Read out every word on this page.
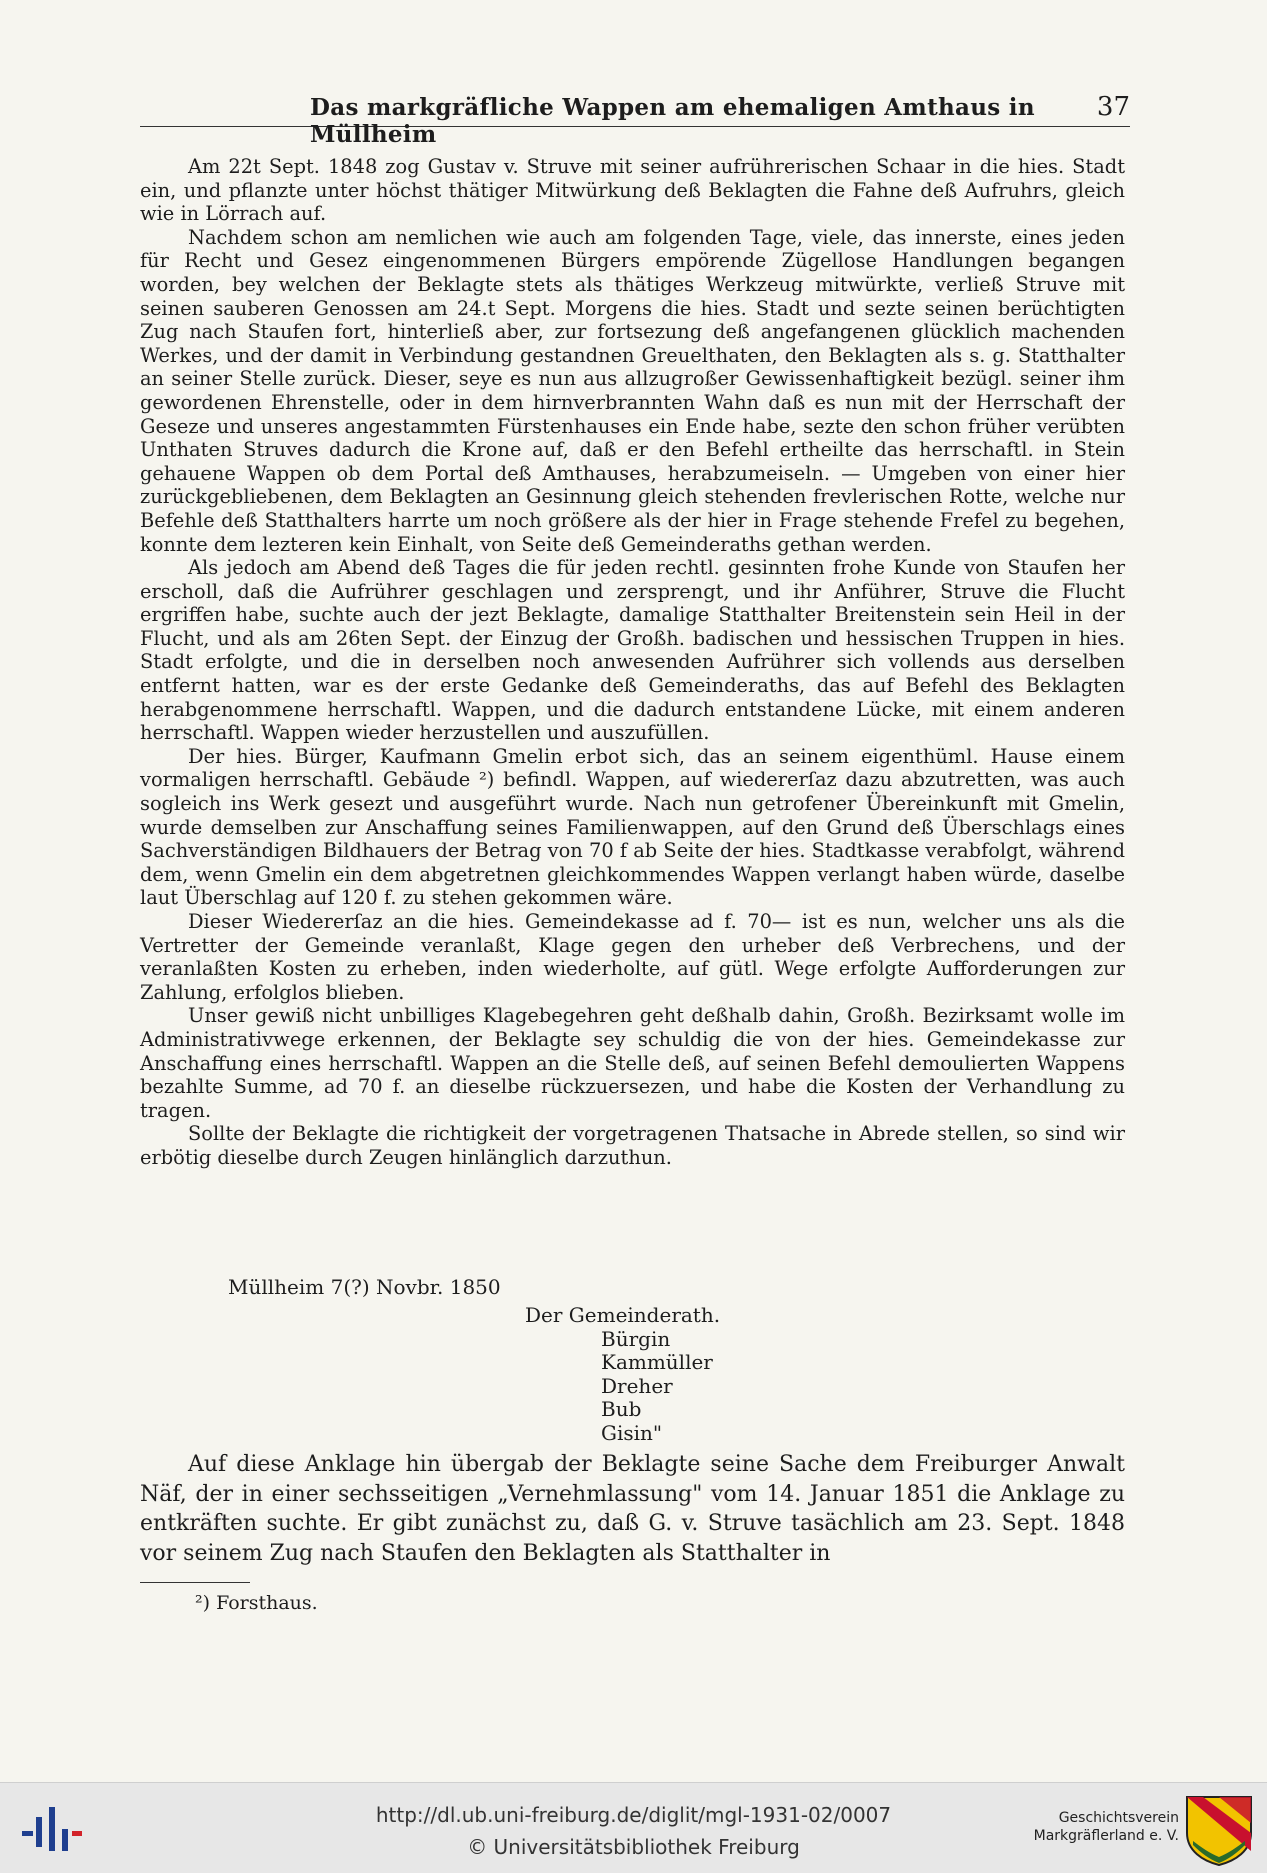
Das markgräfliche Wappen am ehemaligen Amthaus in Müllheim
37

Am 22t Sept. 1848 zog Gustav v. Struve mit seiner aufrührerischen Schaar in die hies. Stadt ein, und pflanzte unter höchst thätiger Mitwürkung deß Beklagten die Fahne deß Aufruhrs, gleich wie in Lörrach auf.

Nachdem schon am nemlichen wie auch am folgenden Tage, viele, das innerste, eines jeden für Recht und Gesez eingenommenen Bürgers empörende Zügellose Handlungen begangen worden, bey welchen der Beklagte stets als thätiges Werkzeug mitwürkte, verließ Struve mit seinen sauberen Genossen am 24.t Sept. Morgens die hies. Stadt und sezte seinen berüchtigten Zug nach Staufen fort, hinterließ aber, zur fortsezung deß angefangenen glücklich machenden Werkes, und der damit in Verbindung gestandnen Greuelthaten, den Beklagten als s. g. Statthalter an seiner Stelle zurück. Dieser, seye es nun aus allzugroßer Gewissenhaftigkeit bezügl. seiner ihm gewordenen Ehrenstelle, oder in dem hirnverbrannten Wahn daß es nun mit der Herrschaft der Geseze und unseres angestammten Fürstenhauses ein Ende habe, sezte den schon früher verübten Unthaten Struves dadurch die Krone auf, daß er den Befehl ertheilte das herrschaftl. in Stein gehauene Wappen ob dem Portal deß Amthauses, herabzumeiseln. — Umgeben von einer hier zurückgebliebenen, dem Beklagten an Gesinnung gleich stehenden frevlerischen Rotte, welche nur Befehle deß Statthalters harrte um noch größere als der hier in Frage stehende Frefel zu begehen, konnte dem lezteren kein Einhalt, von Seite deß Gemeinderaths gethan werden.

Als jedoch am Abend deß Tages die für jeden rechtl. gesinnten frohe Kunde von Staufen her erscholl, daß die Aufrührer geschlagen und zersprengt, und ihr Anführer, Struve die Flucht ergriffen habe, suchte auch der jezt Beklagte, damalige Statthalter Breitenstein sein Heil in der Flucht, und als am 26ten Sept. der Einzug der Großh. badischen und hessischen Truppen in hies. Stadt erfolgte, und die in derselben noch anwesenden Aufrührer sich vollends aus derselben entfernt hatten, war es der erste Gedanke deß Gemeinderaths, das auf Befehl des Beklagten herabgenommene herrschaftl. Wappen, und die dadurch entstandene Lücke, mit einem anderen herrschaftl. Wappen wieder herzustellen und auszufüllen.

Der hies. Bürger, Kaufmann Gmelin erbot sich, das an seinem eigenthüml. Hause einem vormaligen herrschaftl. Gebäude ²) befindl. Wappen, auf wiedererſaz dazu abzutretten, was auch sogleich ins Werk gesezt und ausgeführt wurde. Nach nun getrofener Übereinkunft mit Gmelin, wurde demselben zur Anschaffung seines Familienwappen, auf den Grund deß Überschlags eines Sachverständigen Bildhauers der Betrag von 70 f ab Seite der hies. Stadtkasse verabfolgt, während dem, wenn Gmelin ein dem abgetretnen gleichkommendes Wappen verlangt haben würde, daselbe laut Überschlag auf 120 f. zu stehen gekommen wäre.

Dieser Wiedererſaz an die hies. Gemeindekasse ad f. 70— ist es nun, welcher uns als die Vertretter der Gemeinde veranlaßt, Klage gegen den urheber deß Verbrechens, und der veranlaßten Kosten zu erheben, inden wiederholte, auf gütl. Wege erfolgte Aufforderungen zur Zahlung, erfolglos blieben.

Unser gewiß nicht unbilliges Klagebegehren geht deßhalb dahin, Großh. Bezirksamt wolle im Administrativwege erkennen, der Beklagte sey schuldig die von der hies. Gemeindekasse zur Anschaffung eines herrschaftl. Wappen an die Stelle deß, auf seinen Befehl demoulierten Wappens bezahlte Summe, ad 70 f. an dieselbe rückzuersezen, und habe die Kosten der Verhandlung zu tragen.

Sollte der Beklagte die richtigkeit der vorgetragenen Thatsache in Abrede stellen, so sind wir erbötig dieselbe durch Zeugen hinlänglich darzuthun.

Müllheim 7(?) Novbr. 1850
Der Gemeinderath.
Bürgin
Kammüller
Dreher
Bub
Gisin"

Auf diese Anklage hin übergab der Beklagte seine Sache dem Freiburger Anwalt Näf, der in einer sechsseitigen „Vernehmlassung" vom 14. Januar 1851 die Anklage zu entkräften suchte. Er gibt zunächst zu, daß G. v. Struve tasächlich am 23. Sept. 1848 vor seinem Zug nach Staufen den Beklagten als Statthalter in

²) Forsthaus.
http://dl.ub.uni-freiburg.de/diglit/mgl-1931-02/0007
© Universitätsbibliothek Freiburg
Geschichtsverein
Markgräflerland e. V.
